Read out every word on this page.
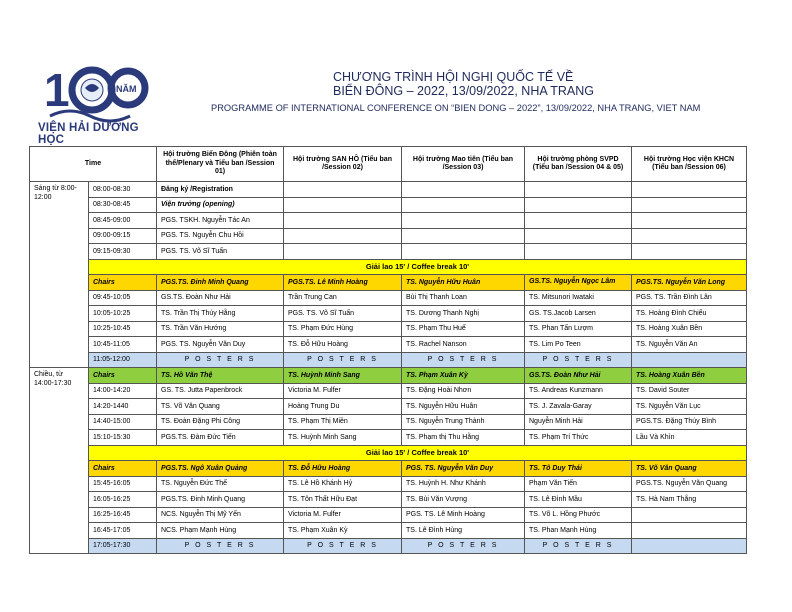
1	NĂM
VIỆN HẢI DƯƠNG HỌC
CHƯƠNG TRÌNH HỘI NGHỊ QUỐC TẾ VỀ
BIỂN ĐÔNG – 2022, 13/09/2022, NHA TRANG
PROGRAMME OF INTERNATIONAL CONFERENCE ON “BIEN DONG – 2022”, 13/09/2022, NHA TRANG, VIET NAM
Time		Hội trường Biển Đông (Phiên toàn thể/Plenary và Tiểu ban /Session 01)	Hội trường SAN HÔ (Tiểu ban /Session 02)	Hội trường Mao tiên (Tiểu ban /Session 03)	Hội trường phòng SVPD (Tiểu ban /Session 04 & 05)	Hội trường Học viện KHCN (Tiểu ban /Session 06)
Sáng từ 8:00-12:00	08:00-08:30	Đăng ký /Registration				
	08:30-08:45	Viện trưởng (opening)				
	08:45-09:00	PGS. TSKH. Nguyễn Tác An				
	09:00-09:15	PGS. TS. Nguyễn Chu Hồi				
	09:15-09:30	PGS. TS. Võ Sĩ Tuấn				
	Giải lao 15' / Coffee break 10'					
	Chairs	PGS.TS. Đinh Minh Quang	PGS.TS. Lê Minh Hoàng	TS. Nguyễn Hữu Huân	GS.TS. Nguyễn Ngọc Lâm	PGS.TS. Nguyễn Văn Long
	09:45-10:05	GS.TS. Đoàn Như Hải	Trần Trung Can	Bùi Thị Thanh Loan	TS. Mitsunori Iwataki	PGS. TS. Trần Đình Lân
	10:05-10:25	TS. Trần Thị Thúy Hằng	PGS. TS. Võ Sĩ Tuấn	TS. Dương Thanh Nghị	GS. TS.Jacob Larsen	TS. Hoàng Đình Chiểu
	10:25-10:45	TS. Trần Văn Hướng	TS. Phạm Đức Hùng	TS. Phạm Thu Huế	TS. Phan Tấn Lượm	TS. Hoàng Xuân Bền
	10:45-11:05	PGS. TS. Nguyễn Văn Duy	TS. Đỗ Hữu Hoàng	TS. Rachel Nanson	TS. Lim Po Teen	TS. Nguyễn Văn An
	11:05-12:00	P O S T E R S	P O S T E R S	P O S T E R S	P O S T E R S	
Chiều, từ 14:00-17:30	Chairs	TS. Hồ Văn Thệ	TS. Huỳnh Minh Sang	TS. Phạm Xuân Kỳ	GS.TS. Đoàn Như Hải	TS. Hoàng Xuân Bền
	14:00-14:20	GS. TS. Jutta Papenbrock	Victoria M. Fulfer	TS. Đặng Hoài Nhơn	TS. Andreas Kunzmann	TS. David Souter
	14:20-1440	TS. Võ Văn Quang	Hoàng Trung Du	TS. Nguyễn Hữu Huân	TS. J. Zavala-Garay	TS. Nguyễn Văn Lục
	14:40-15:00	TS. Đoàn Đặng Phi Công	TS. Phạm Thị Miền	TS. Nguyễn Trung Thành	Nguyễn Minh Hải	PGS.TS. Đặng Thúy Bình
	15:10-15:30	PGS.TS. Đàm Đức Tiến	TS. Huỳnh Minh Sang	TS. Phạm thị Thu Hằng	TS. Phạm Trí Thức	Lầu Và Khìn
	Giải lao 15' / Coffee break 10'					
	Chairs	PGS.TS. Ngô Xuân Quảng	TS. Đỗ Hữu Hoàng	PGS. TS. Nguyễn Văn Duy	TS. Tô Duy Thái	TS. Võ Văn Quang
	15:45-16:05	TS. Nguyễn Đức Thế	TS. Lê Hồ Khánh Hỷ	TS. Huỳnh H. Như Khánh	Phạm Văn Tiến	PGS.TS. Nguyễn Văn Quang
	16:05-16:25	PGS.TS. Đinh Minh Quang	TS. Tôn Thất Hữu Đạt	TS. Bùi Văn Vượng	TS. Lê Đình Mầu	TS. Hà Nam Thắng
	16:25-16:45	NCS. Nguyễn Thị Mỹ Yến	Victoria M. Fulfer	PGS. TS. Lê Minh Hoàng	TS. Võ L. Hồng Phước	
	16:45-17:05	NCS. Phạm Mạnh Hùng	TS. Phạm Xuân Kỳ	TS. Lê Đình Hùng	TS. Phan Mạnh Hùng	
	17:05-17:30	P O S T E R S	P O S T E R S	P O S T E R S	P O S T E R S	
